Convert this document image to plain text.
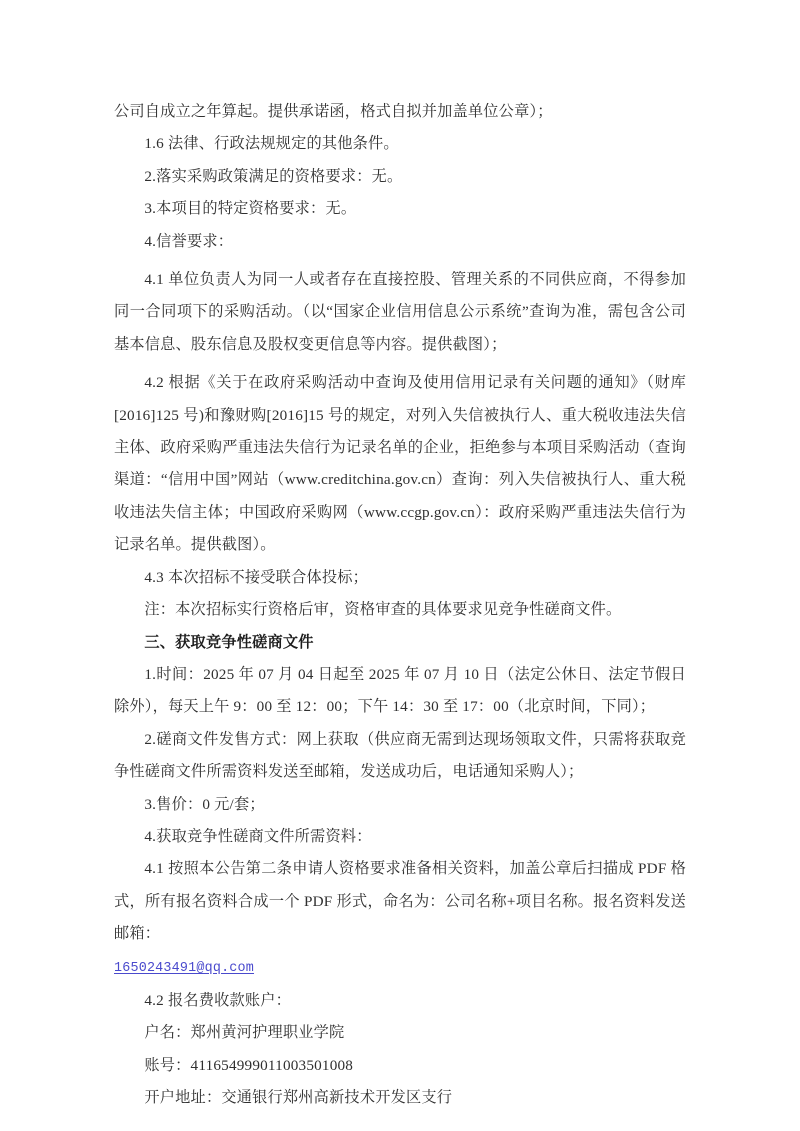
公司自成立之年算起。提供承诺函，格式自拟并加盖单位公章）；

1.6 法律、行政法规规定的其他条件。

2.落实采购政策满足的资格要求：无。

3.本项目的特定资格要求：无。

4.信誉要求：

4.1 单位负责人为同一人或者存在直接控股、管理关系的不同供应商，不得参加同一合同项下的采购活动。（以“国家企业信用信息公示系统”查询为准，需包含公司基本信息、股东信息及股权变更信息等内容。提供截图）；

4.2 根据《关于在政府采购活动中查询及使用信用记录有关问题的通知》（财库[2016]125 号)和豫财购[2016]15 号的规定，对列入失信被执行人、重大税收违法失信主体、政府采购严重违法失信行为记录名单的企业，拒绝参与本项目采购活动（查询渠道：“信用中国”网站（www.creditchina.gov.cn）查询：列入失信被执行人、重大税收违法失信主体；中国政府采购网（www.ccgp.gov.cn）：政府采购严重违法失信行为记录名单。提供截图）。

4.3 本次招标不接受联合体投标；

注：本次招标实行资格后审，资格审查的具体要求见竞争性磋商文件。

三、获取竞争性磋商文件

1.时间：2025 年 07 月 04 日起至 2025 年 07 月 10 日（法定公休日、法定节假日除外），每天上午 9：00 至 12：00；下午 14：30 至 17：00（北京时间，下同）；

2.磋商文件发售方式：网上获取（供应商无需到达现场领取文件，只需将获取竞争性磋商文件所需资料发送至邮箱，发送成功后，电话通知采购人）；

3.售价：0 元/套；

4.获取竞争性磋商文件所需资料：

4.1 按照本公告第二条申请人资格要求准备相关资料，加盖公章后扫描成 PDF 格式，所有报名资料合成一个 PDF 形式，命名为：公司名称+项目名称。报名资料发送邮箱：

1650243491@qq.com

4.2 报名费收款账户：

户名：郑州黄河护理职业学院

账号：411654999011003501008

开户地址：交通银行郑州高新技术开发区支行
